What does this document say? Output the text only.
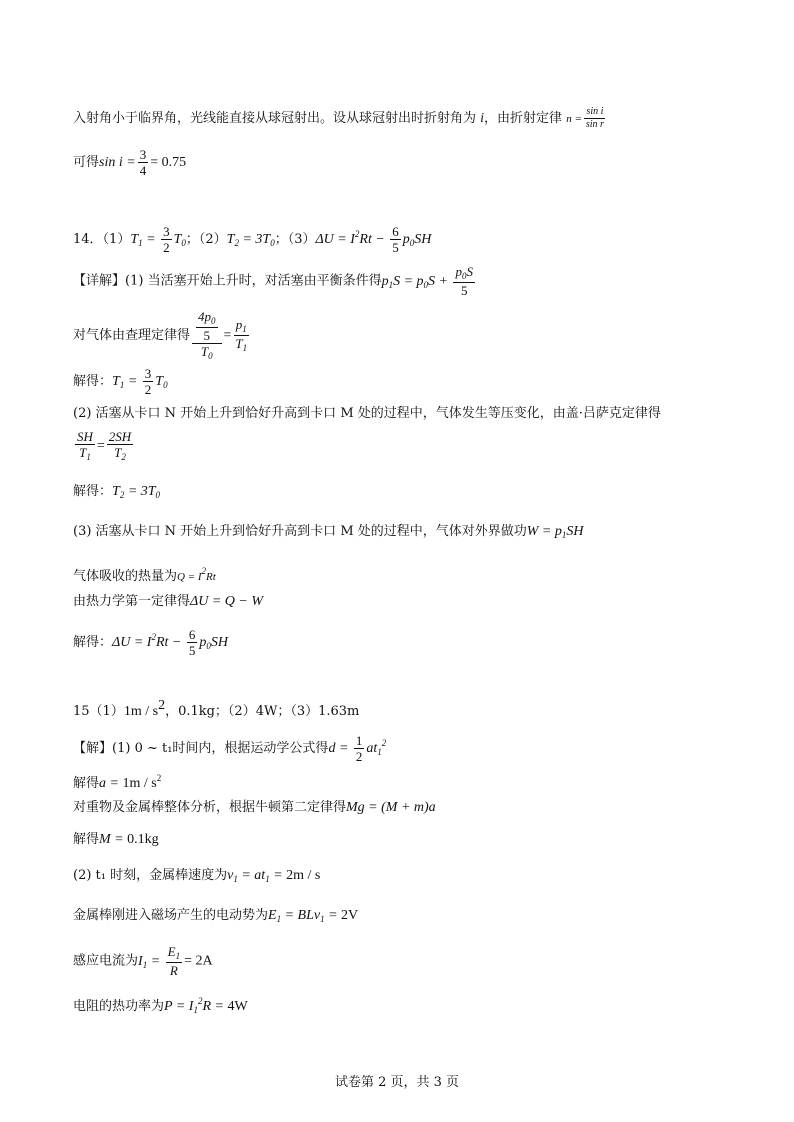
入射角小于临界角，光线能直接从球冠射出。设从球冠射出时折射角为 i，由折射定律 $n = \frac{\text{sin i}}{\text{sin r}}$
可得$\sin i = \frac{3}{4} = 0.75$
14．$(1)T_1 = \frac{3}{2} T_0$；$(2)T_2 = 3T_0$；$(3)\Delta U = I^2Rt - \frac{6}{5} p_0SH$
【详解】(1) 当活塞开始上升时，对活塞由平衡条件得$p_1S = p_0S + \frac{p_0S}{5}$
对气体由查理定律得 $\frac{\frac{4p_0}{5}}{T_0} = \frac{p_1}{T_1}$
解得：$T_1 = \frac{3}{2} T_0$
(2) 活塞从卡口 N 开始上升到恰好升高到卡口 M 处的过程中，气体发生等压变化，由盖·吕萨克定律得
$\frac{SH}{T_1} = \frac{2SH}{T_2}$
解得：$T_2 = 3T_0$
(3) 活塞从卡口 N 开始上升到恰好升高到卡口 M 处的过程中，气体对外界做功$W = p_1SH$
气体吸收的热量为$Q = I^2Rt$
由热力学第一定律得ΔU = Q − W
解得：$\Delta U = I^2Rt - \frac{6}{5} p_0SH$
$15(1)1m / s^2$，0.1kg；（2）4W；（3）1.63m
【解】(1) 0 ~ t₁时间内，根据运动学公式得$d = \frac{1}{2} at_1^2$
解得$a = 1m / s^2$
对重物及金属棒整体分析，根据牛顿第二定律得Mg = (M + m)a
解得M = 0.1kg
(2) t₁ 时刻，金属棒速度为$v_1 = at_1 = 2m / s$
金属棒刚进入磁场产生的电动势为$E_1 = BLv_1 = 2V$
感应电流为$I_1 = \frac{E_1}{R} = 2A$
电阻的热功率为$P = I_1^2R = 4W$
试卷第 2 页，共 3 页
